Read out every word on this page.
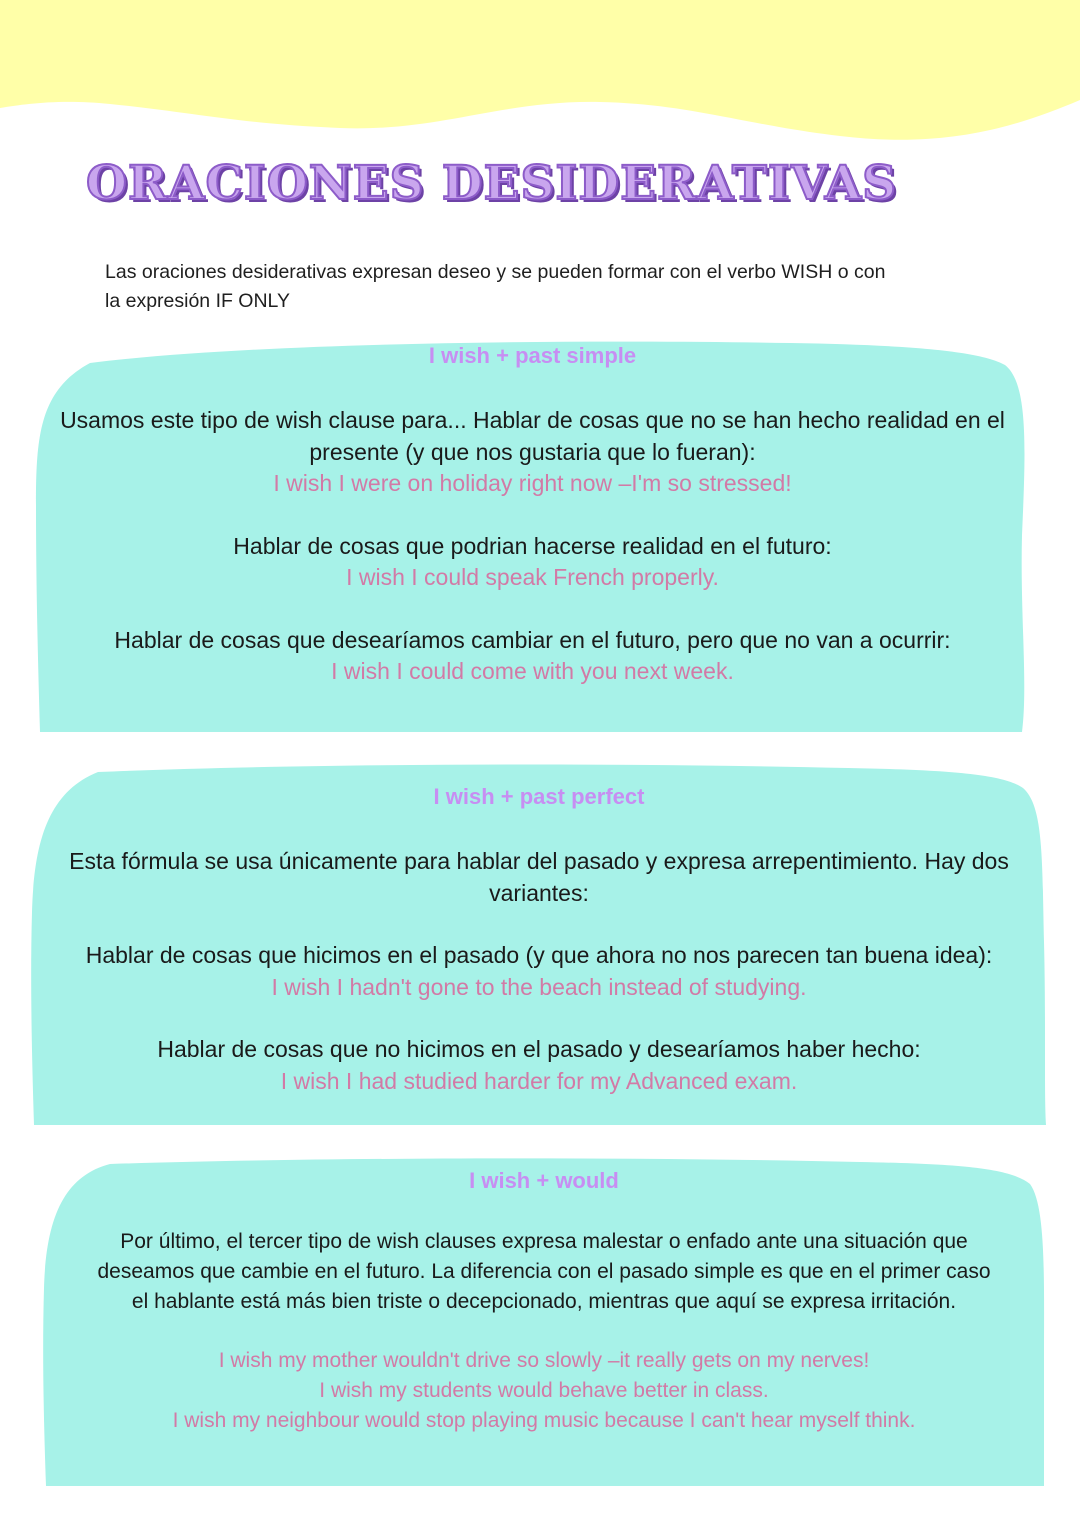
ORACIONES DESIDERATIVAS

Las oraciones desiderativas expresan deseo y se pueden formar con el verbo WISH o con

la expresión IF ONLY

I wish + past simple

Usamos este tipo de wish clause para... Hablar de cosas que no se han hecho realidad en el

presente (y que nos gustaria que lo fueran):

I wish I were on holiday right now –I'm so stressed!

Hablar de cosas que podrian hacerse realidad en el futuro:

I wish I could speak French properly.

Hablar de cosas que desearíamos cambiar en el futuro, pero que no van a ocurrir:

I wish I could come with you next week.

I wish + past perfect

Esta fórmula se usa únicamente para hablar del pasado y expresa arrepentimiento. Hay dos

variantes:

Hablar de cosas que hicimos en el pasado (y que ahora no nos parecen tan buena idea):

I wish I hadn't gone to the beach instead of studying.

Hablar de cosas que no hicimos en el pasado y desearíamos haber hecho:

I wish I had studied harder for my Advanced exam.

I wish + would

Por último, el tercer tipo de wish clauses expresa malestar o enfado ante una situación que

deseamos que cambie en el futuro. La diferencia con el pasado simple es que en el primer caso

el hablante está más bien triste o decepcionado, mientras que aquí se expresa irritación.

I wish my mother wouldn't drive so slowly –it really gets on my nerves!

I wish my students would behave better in class.

I wish my neighbour would stop playing music because I can't hear myself think.
